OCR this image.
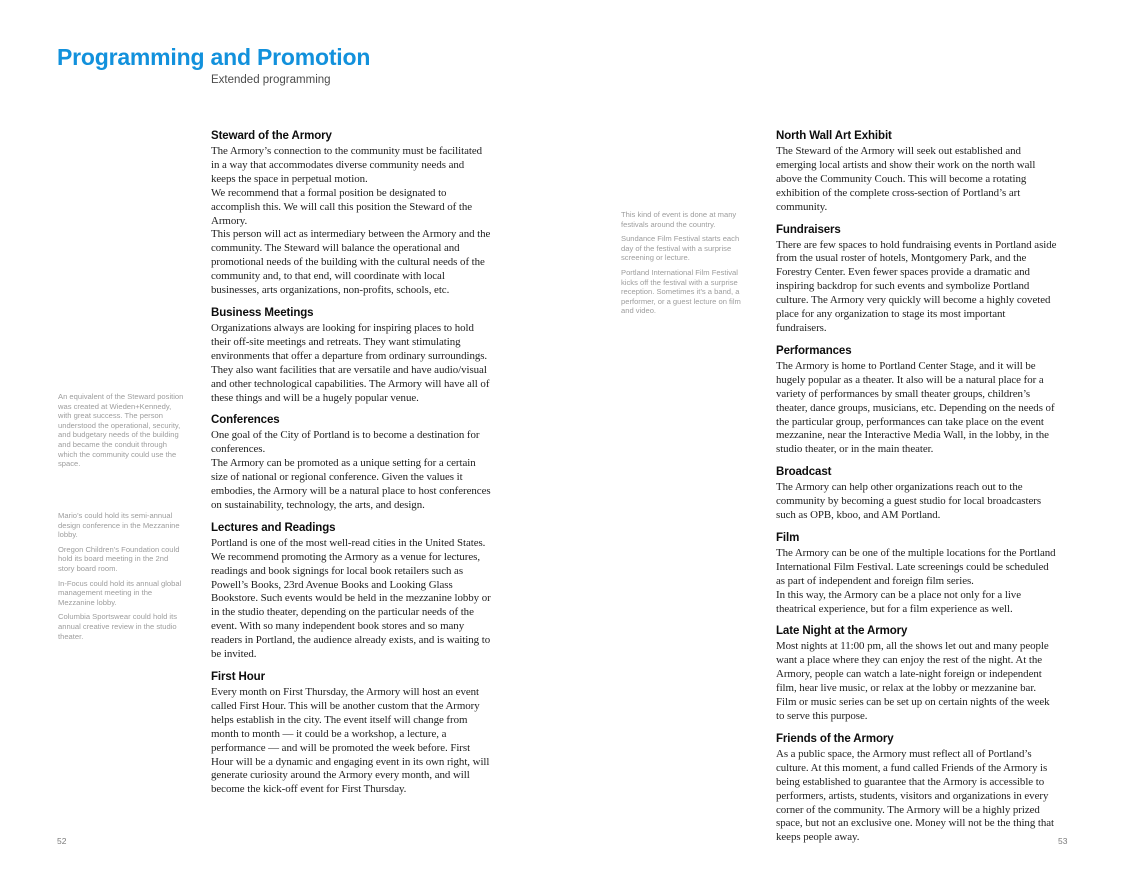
Programming and Promotion
Extended programming

An equivalent of the Steward position was created at Wieden+Kennedy, with great success. The person understood the operational, security, and budgetary needs of the building and became the conduit through which the community could use the space.

Mario’s could hold its semi-annual design conference in the Mezzanine lobby.

Oregon Children’s Foundation could hold its board meeting in the 2nd story board room.

In-Focus could hold its annual global management meeting in the Mezzanine lobby.

Columbia Sportswear could hold its annual creative review in the studio theater.

Steward of the Armory

The Armory’s connection to the community must be facilitated in a way that accommodates diverse community needs and keeps the space in perpetual motion.

We recommend that a formal position be designated to accomplish this. We will call this position the Steward of the Armory.

This person will act as intermediary between the Armory and the community. The Steward will balance the operational and promotional needs of the building with the cultural needs of the community and, to that end, will coordinate with local businesses, arts organizations, non-profits, schools, etc.

Business Meetings

Organizations always are looking for inspiring places to hold their off-site meetings and retreats. They want stimulating environments that offer a departure from ordinary surroundings. They also want facilities that are versatile and have audio/visual and other technological capabilities. The Armory will have all of these things and will be a hugely popular venue.

Conferences

One goal of the City of Portland is to become a destination for conferences.

The Armory can be promoted as a unique setting for a certain size of national or regional conference. Given the values it embodies, the Armory will be a natural place to host conferences on sustainability, technology, the arts, and design.

Lectures and Readings

Portland is one of the most well-read cities in the United States. We recommend promoting the Armory as a venue for lectures, readings and book signings for local book retailers such as Powell’s Books, 23rd Avenue Books and Looking Glass Bookstore. Such events would be held in the mezzanine lobby or in the studio theater, depending on the particular needs of the event. With so many independent book stores and so many readers in Portland, the audience already exists, and is waiting to be invited.

First Hour

Every month on First Thursday, the Armory will host an event called First Hour. This will be another custom that the Armory helps establish in the city. The event itself will change from month to month — it could be a workshop, a lecture, a performance — and will be promoted the week before. First Hour will be a dynamic and engaging event in its own right, will generate curiosity around the Armory every month, and will become the kick-off event for First Thursday.

This kind of event is done at many festivals around the country.

Sundance Film Festival starts each day of the festival with a surprise screening or lecture.

Portland International Film Festival kicks off the festival with a surprise reception. Sometimes it’s a band, a performer, or a guest lecture on film and video.

North Wall Art Exhibit

The Steward of the Armory will seek out established and emerging local artists and show their work on the north wall above the Community Couch. This will become a rotating exhibition of the complete cross-section of Portland’s art community.

Fundraisers

There are few spaces to hold fundraising events in Portland aside from the usual roster of hotels, Montgomery Park, and the Forestry Center. Even fewer spaces provide a dramatic and inspiring backdrop for such events and symbolize Portland culture. The Armory very quickly will become a highly coveted place for any organization to stage its most important fundraisers.

Performances

The Armory is home to Portland Center Stage, and it will be hugely popular as a theater. It also will be a natural place for a variety of performances by small theater groups, children’s theater, dance groups, musicians, etc. Depending on the needs of the particular group, performances can take place on the event mezzanine, near the Interactive Media Wall, in the lobby, in the studio theater, or in the main theater.

Broadcast

The Armory can help other organizations reach out to the community by becoming a guest studio for local broadcasters such as OPB, kboo, and AM Portland.

Film

The Armory can be one of the multiple locations for the Portland International Film Festival. Late screenings could be scheduled as part of independent and foreign film series.

In this way, the Armory can be a place not only for a live theatrical experience, but for a film experience as well.

Late Night at the Armory

Most nights at 11:00 pm, all the shows let out and many people want a place where they can enjoy the rest of the night. At the Armory, people can watch a late-night foreign or independent film, hear live music, or relax at the lobby or mezzanine bar. Film or music series can be set up on certain nights of the week to serve this purpose.

Friends of the Armory

As a public space, the Armory must reflect all of Portland’s culture. At this moment, a fund called Friends of the Armory is being established to guarantee that the Armory is accessible to performers, artists, students, visitors and organizations in every corner of the community. The Armory will be a highly prized space, but not an exclusive one. Money will not be the thing that keeps people away.

52	53
